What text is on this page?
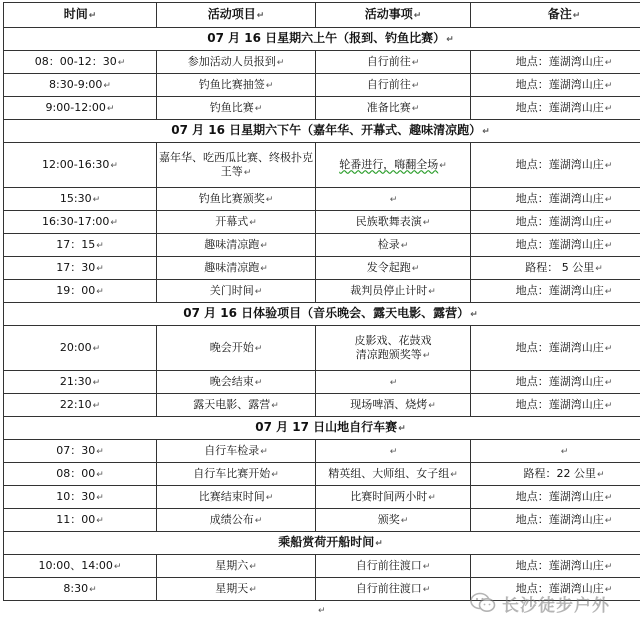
时间↵	活动项目↵	活动事项↵	备注↵
07 月 16 日星期六上午（报到、钓鱼比赛）↵			
08：00-12：30↵	参加活动人员报到↵	自行前往↵	地点：莲湖湾山庄↵
8:30-9:00↵	钓鱼比赛抽签↵	自行前往↵	地点：莲湖湾山庄↵
9:00-12:00↵	钓鱼比赛↵	准备比赛↵	地点：莲湖湾山庄↵
07 月 16 日星期六下午（嘉年华、开幕式、趣味清凉跑）↵			
12:00-16:30↵	嘉年华、吃西瓜比赛、终极扑克王等↵	轮番进行，嗨翻全场↵	地点：莲湖湾山庄↵
15:30↵	钓鱼比赛颁奖↵	↵	地点：莲湖湾山庄↵
16:30-17:00↵	开幕式↵	民族歌舞表演↵	地点：莲湖湾山庄↵
17：15↵	趣味清凉跑↵	检录↵	地点：莲湖湾山庄↵
17：30↵	趣味清凉跑↵	发令起跑↵	路程： 5 公里↵
19：00↵	关门时间↵	裁判员停止计时↵	地点：莲湖湾山庄↵
07 月 16 日体验项目（音乐晚会、露天电影、露营）↵			
20:00↵	晚会开始↵	皮影戏、花鼓戏
清凉跑颁奖等↵	地点：莲湖湾山庄↵
21:30↵	晚会结束↵	↵	地点：莲湖湾山庄↵
22:10↵	露天电影、露营↵	现场啤酒、烧烤↵	地点：莲湖湾山庄↵
07 月 17 日山地自行车赛↵			
07：30↵	自行车检录↵	↵	↵
08：00↵	自行车比赛开始↵	精英组、大师组、女子组↵	路程：22 公里↵
10：30↵	比赛结束时间↵	比赛时间两小时↵	地点：莲湖湾山庄↵
11：00↵	成绩公布↵	颁奖↵	地点：莲湖湾山庄↵
乘船赏荷开船时间↵			
10:00、14:00↵	星期六↵	自行前往渡口↵	地点：莲湖湾山庄↵
8:30↵	星期天↵	自行前往渡口↵	地点：莲湖湾山庄↵
↵	长沙徒步户外
